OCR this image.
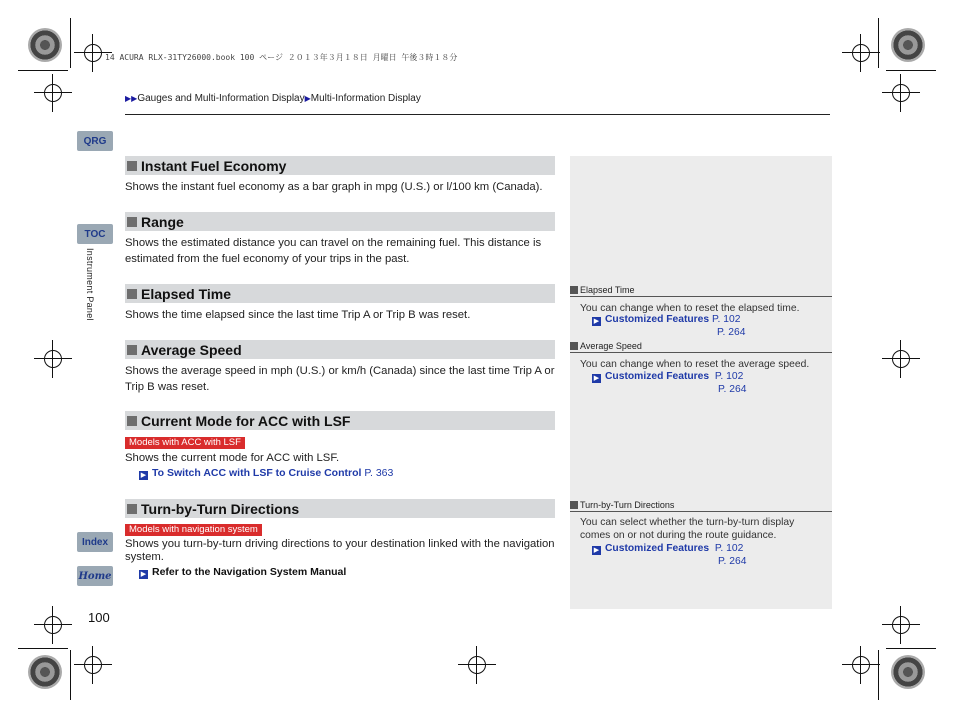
14 ACURA RLX-31TY26000.book 100 ページ ２０１３年３月１８日 月曜日 午後３時１８分
▶▶Gauges and Multi-Information Display▶Multi-Information Display
QRG
TOC
Instrument Panel
Index
Home
100
Instant Fuel Economy
Shows the instant fuel economy as a bar graph in mpg (U.S.) or l/100 km (Canada).
Range
Shows the estimated distance you can travel on the remaining fuel. This distance is estimated from the fuel economy of your trips in the past.
Elapsed Time
Shows the time elapsed since the last time Trip A or Trip B was reset.
Average Speed
Shows the average speed in mph (U.S.) or km/h (Canada) since the last time Trip A or Trip B was reset.
Current Mode for ACC with LSF
Models with ACC with LSF
Shows the current mode for ACC with LSF.
▶ To Switch ACC with LSF to Cruise Control P. 363
Turn-by-Turn Directions
Models with navigation system
Shows you turn-by-turn driving directions to your destination linked with the navigation system.
▶ Refer to the Navigation System Manual
Elapsed Time
You can change when to reset the elapsed time.
▶ Customized Features P. 102
P. 264
Average Speed
You can change when to reset the average speed.
▶ Customized Features P. 102
P. 264
Turn-by-Turn Directions
You can select whether the turn-by-turn display comes on or not during the route guidance.
▶ Customized Features P. 102
P. 264
